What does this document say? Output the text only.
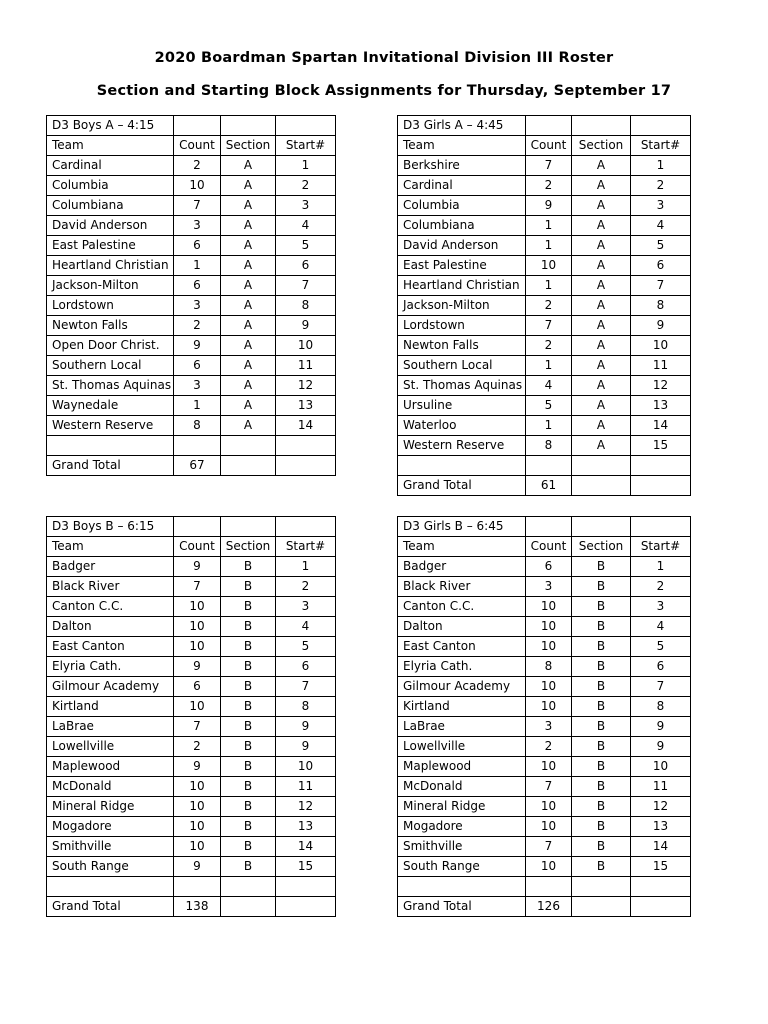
2020 Boardman Spartan Invitational Division III Roster
Section and Starting Block Assignments for Thursday, September 17
D3 Boys A – 4:15			
Team	Count	Section	Start#
Cardinal	2	A	1
Columbia	10	A	2
Columbiana	7	A	3
David Anderson	3	A	4
East Palestine	6	A	5
Heartland Christian	1	A	6
Jackson-Milton	6	A	7
Lordstown	3	A	8
Newton Falls	2	A	9
Open Door Christ.	9	A	10
Southern Local	6	A	11
St. Thomas Aquinas	3	A	12
Waynedale	1	A	13
Western Reserve	8	A	14

Grand Total	67		
D3 Girls A – 4:45			
Team	Count	Section	Start#
Berkshire	7	A	1
Cardinal	2	A	2
Columbia	9	A	3
Columbiana	1	A	4
David Anderson	1	A	5
East Palestine	10	A	6
Heartland Christian	1	A	7
Jackson-Milton	2	A	8
Lordstown	7	A	9
Newton Falls	2	A	10
Southern Local	1	A	11
St. Thomas Aquinas	4	A	12
Ursuline	5	A	13
Waterloo	1	A	14
Western Reserve	8	A	15

Grand Total	61		
D3 Boys B – 6:15			
Team	Count	Section	Start#
Badger	9	B	1
Black River	7	B	2
Canton C.C.	10	B	3
Dalton	10	B	4
East Canton	10	B	5
Elyria Cath.	9	B	6
Gilmour Academy	6	B	7
Kirtland	10	B	8
LaBrae	7	B	9
Lowellville	2	B	9
Maplewood	9	B	10
McDonald	10	B	11
Mineral Ridge	10	B	12
Mogadore	10	B	13
Smithville	10	B	14
South Range	9	B	15

Grand Total	138		
D3 Girls B – 6:45			
Team	Count	Section	Start#
Badger	6	B	1
Black River	3	B	2
Canton C.C.	10	B	3
Dalton	10	B	4
East Canton	10	B	5
Elyria Cath.	8	B	6
Gilmour Academy	10	B	7
Kirtland	10	B	8
LaBrae	3	B	9
Lowellville	2	B	9
Maplewood	10	B	10
McDonald	7	B	11
Mineral Ridge	10	B	12
Mogadore	10	B	13
Smithville	7	B	14
South Range	10	B	15

Grand Total	126		
